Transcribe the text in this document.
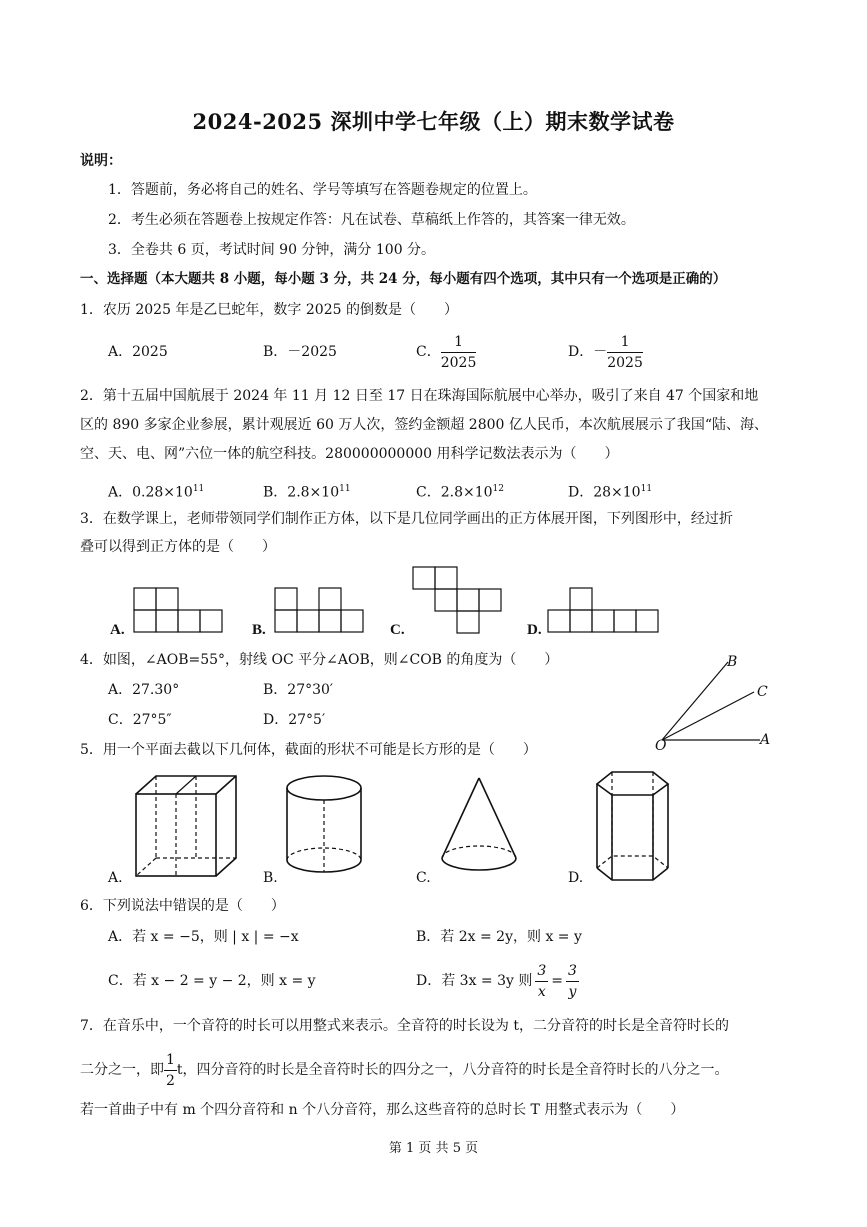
2024-2025 深圳中学七年级（上）期末数学试卷
说明：
1．答题前，务必将自己的姓名、学号等填写在答题卷规定的位置上。
2．考生必须在答题卷上按规定作答：凡在试卷、草稿纸上作答的，其答案一律无效。
3．全卷共 6 页，考试时间 90 分钟，满分 100 分。
一、选择题（本大题共 8 小题，每小题 3 分，共 24 分，每小题有四个选项，其中只有一个选项是正确的）
1．农历 2025 年是乙巳蛇年，数字 2025 的倒数是（　　）
A．2025	B．－2025	C． $\frac{1}{2025}$	D．－ $\frac{1}{2025}$
2．第十五届中国航展于 2024 年 11 月 12 日至 17 日在珠海国际航展中心举办，吸引了来自 47 个国家和地
区的 890 多家企业参展，累计观展近 60 万人次，签约金额超 2800 亿人民币，本次航展展示了我国“陆、海、
空、天、电、网”六位一体的航空科技。280000000000 用科学记数法表示为（　　）
A．$0.28\times 10^{11}$	B．$2.8\times 10^{11}$	C．$2.8\times 10^{12}$	D．$28\times 10^{11}$
3．在数学课上，老师带领同学们制作正方体，以下是几位同学画出的正方体展开图，下列图形中，经过折
叠可以得到正方体的是（　　）
A.	B.	C.	D.
4．如图，∠AOB=55°，射线 OC 平分∠AOB，则∠COB 的角度为（　　）
A．27.30°	B．27°30′
C．27°5″	D．27°5′
B
C
A
O
5．用一个平面去截以下几何体，截面的形状不可能是长方形的是（　　）
A.	B.	C.	D.
6．下列说法中错误的是（　　）
A．若 x = −5，则 | x | = −x	B．若 2x = 2y，则 x = y
C．若 x − 2 = y − 2，则 x = y	D．若 3x = 3y 则 $\frac{3}{x} = \frac{3}{y}$
7．在音乐中，一个音符的时长可以用整式来表示。全音符的时长设为 t，二分音符的时长是全音符时长的
二分之一，即 $\frac{1}{2}$ t，四分音符的时长是全音符时长的四分之一，八分音符的时长是全音符时长的八分之一。
若一首曲子中有 m 个四分音符和 n 个八分音符，那么这些音符的总时长 T 用整式表示为（　　）
第 1 页 共 5 页
